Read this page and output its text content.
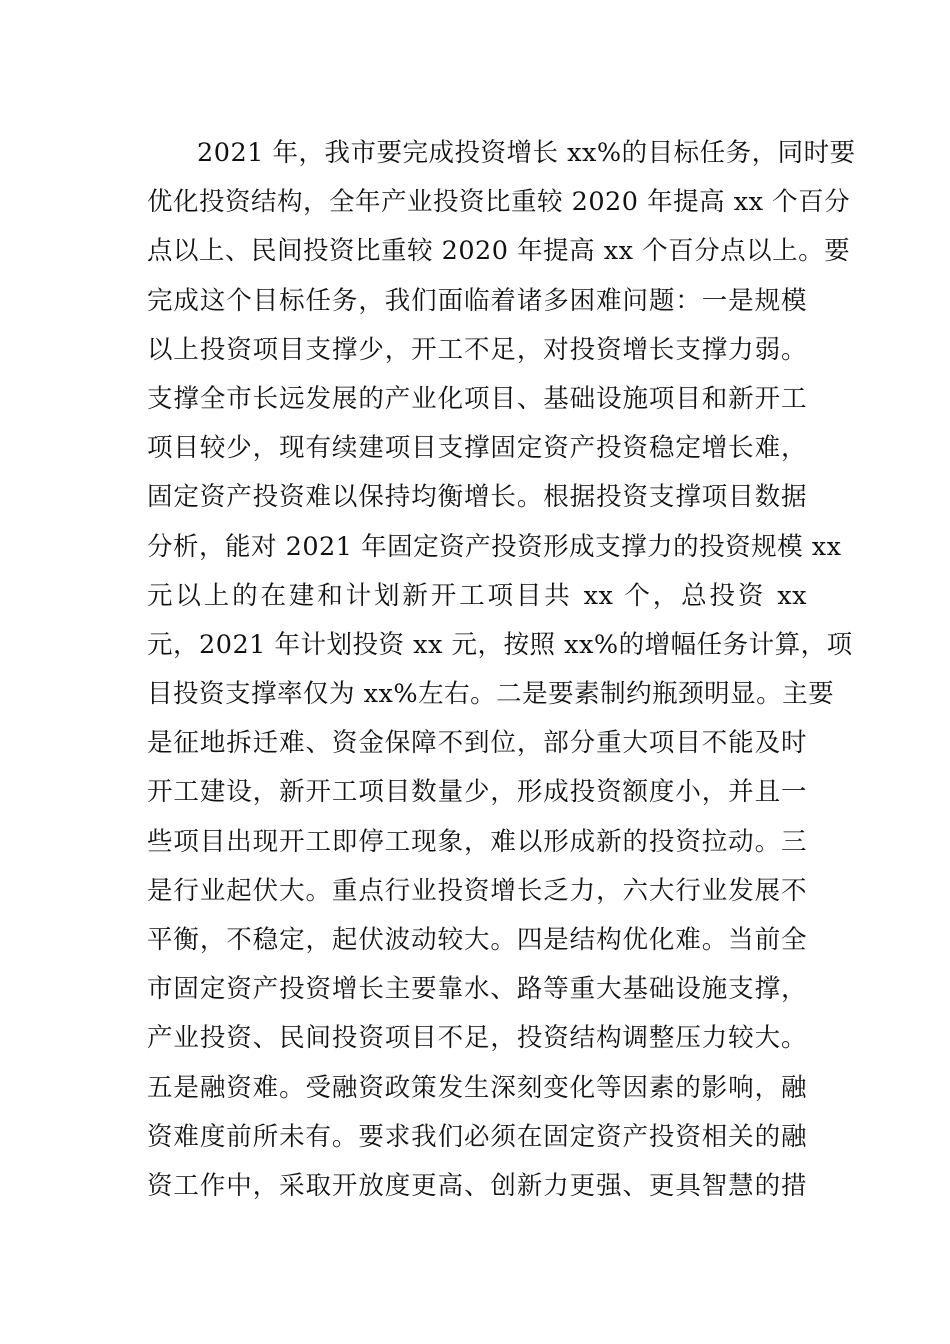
2021 年，我市要完成投资增长 xx%的目标任务，同时要
优化投资结构，全年产业投资比重较 2020 年提高 xx 个百分
点以上、民间投资比重较 2020 年提高 xx 个百分点以上。要
完成这个目标任务，我们面临着诸多困难问题：一是规模
以上投资项目支撑少，开工不足，对投资增长支撑力弱。
支撑全市长远发展的产业化项目、基础设施项目和新开工
项目较少，现有续建项目支撑固定资产投资稳定增长难，
固定资产投资难以保持均衡增长。根据投资支撑项目数据
分析，能对 2021 年固定资产投资形成支撑力的投资规模 xx
元以上的在建和计划新开工项目共 xx 个，总投资 xx
元，2021 年计划投资 xx 元，按照 xx%的增幅任务计算，项
目投资支撑率仅为 xx%左右。二是要素制约瓶颈明显。主要
是征地拆迁难、资金保障不到位，部分重大项目不能及时
开工建设，新开工项目数量少，形成投资额度小，并且一
些项目出现开工即停工现象，难以形成新的投资拉动。三
是行业起伏大。重点行业投资增长乏力，六大行业发展不
平衡，不稳定，起伏波动较大。四是结构优化难。当前全
市固定资产投资增长主要靠水、路等重大基础设施支撑，
产业投资、民间投资项目不足，投资结构调整压力较大。
五是融资难。受融资政策发生深刻变化等因素的影响，融
资难度前所未有。要求我们必须在固定资产投资相关的融
资工作中，采取开放度更高、创新力更强、更具智慧的措
